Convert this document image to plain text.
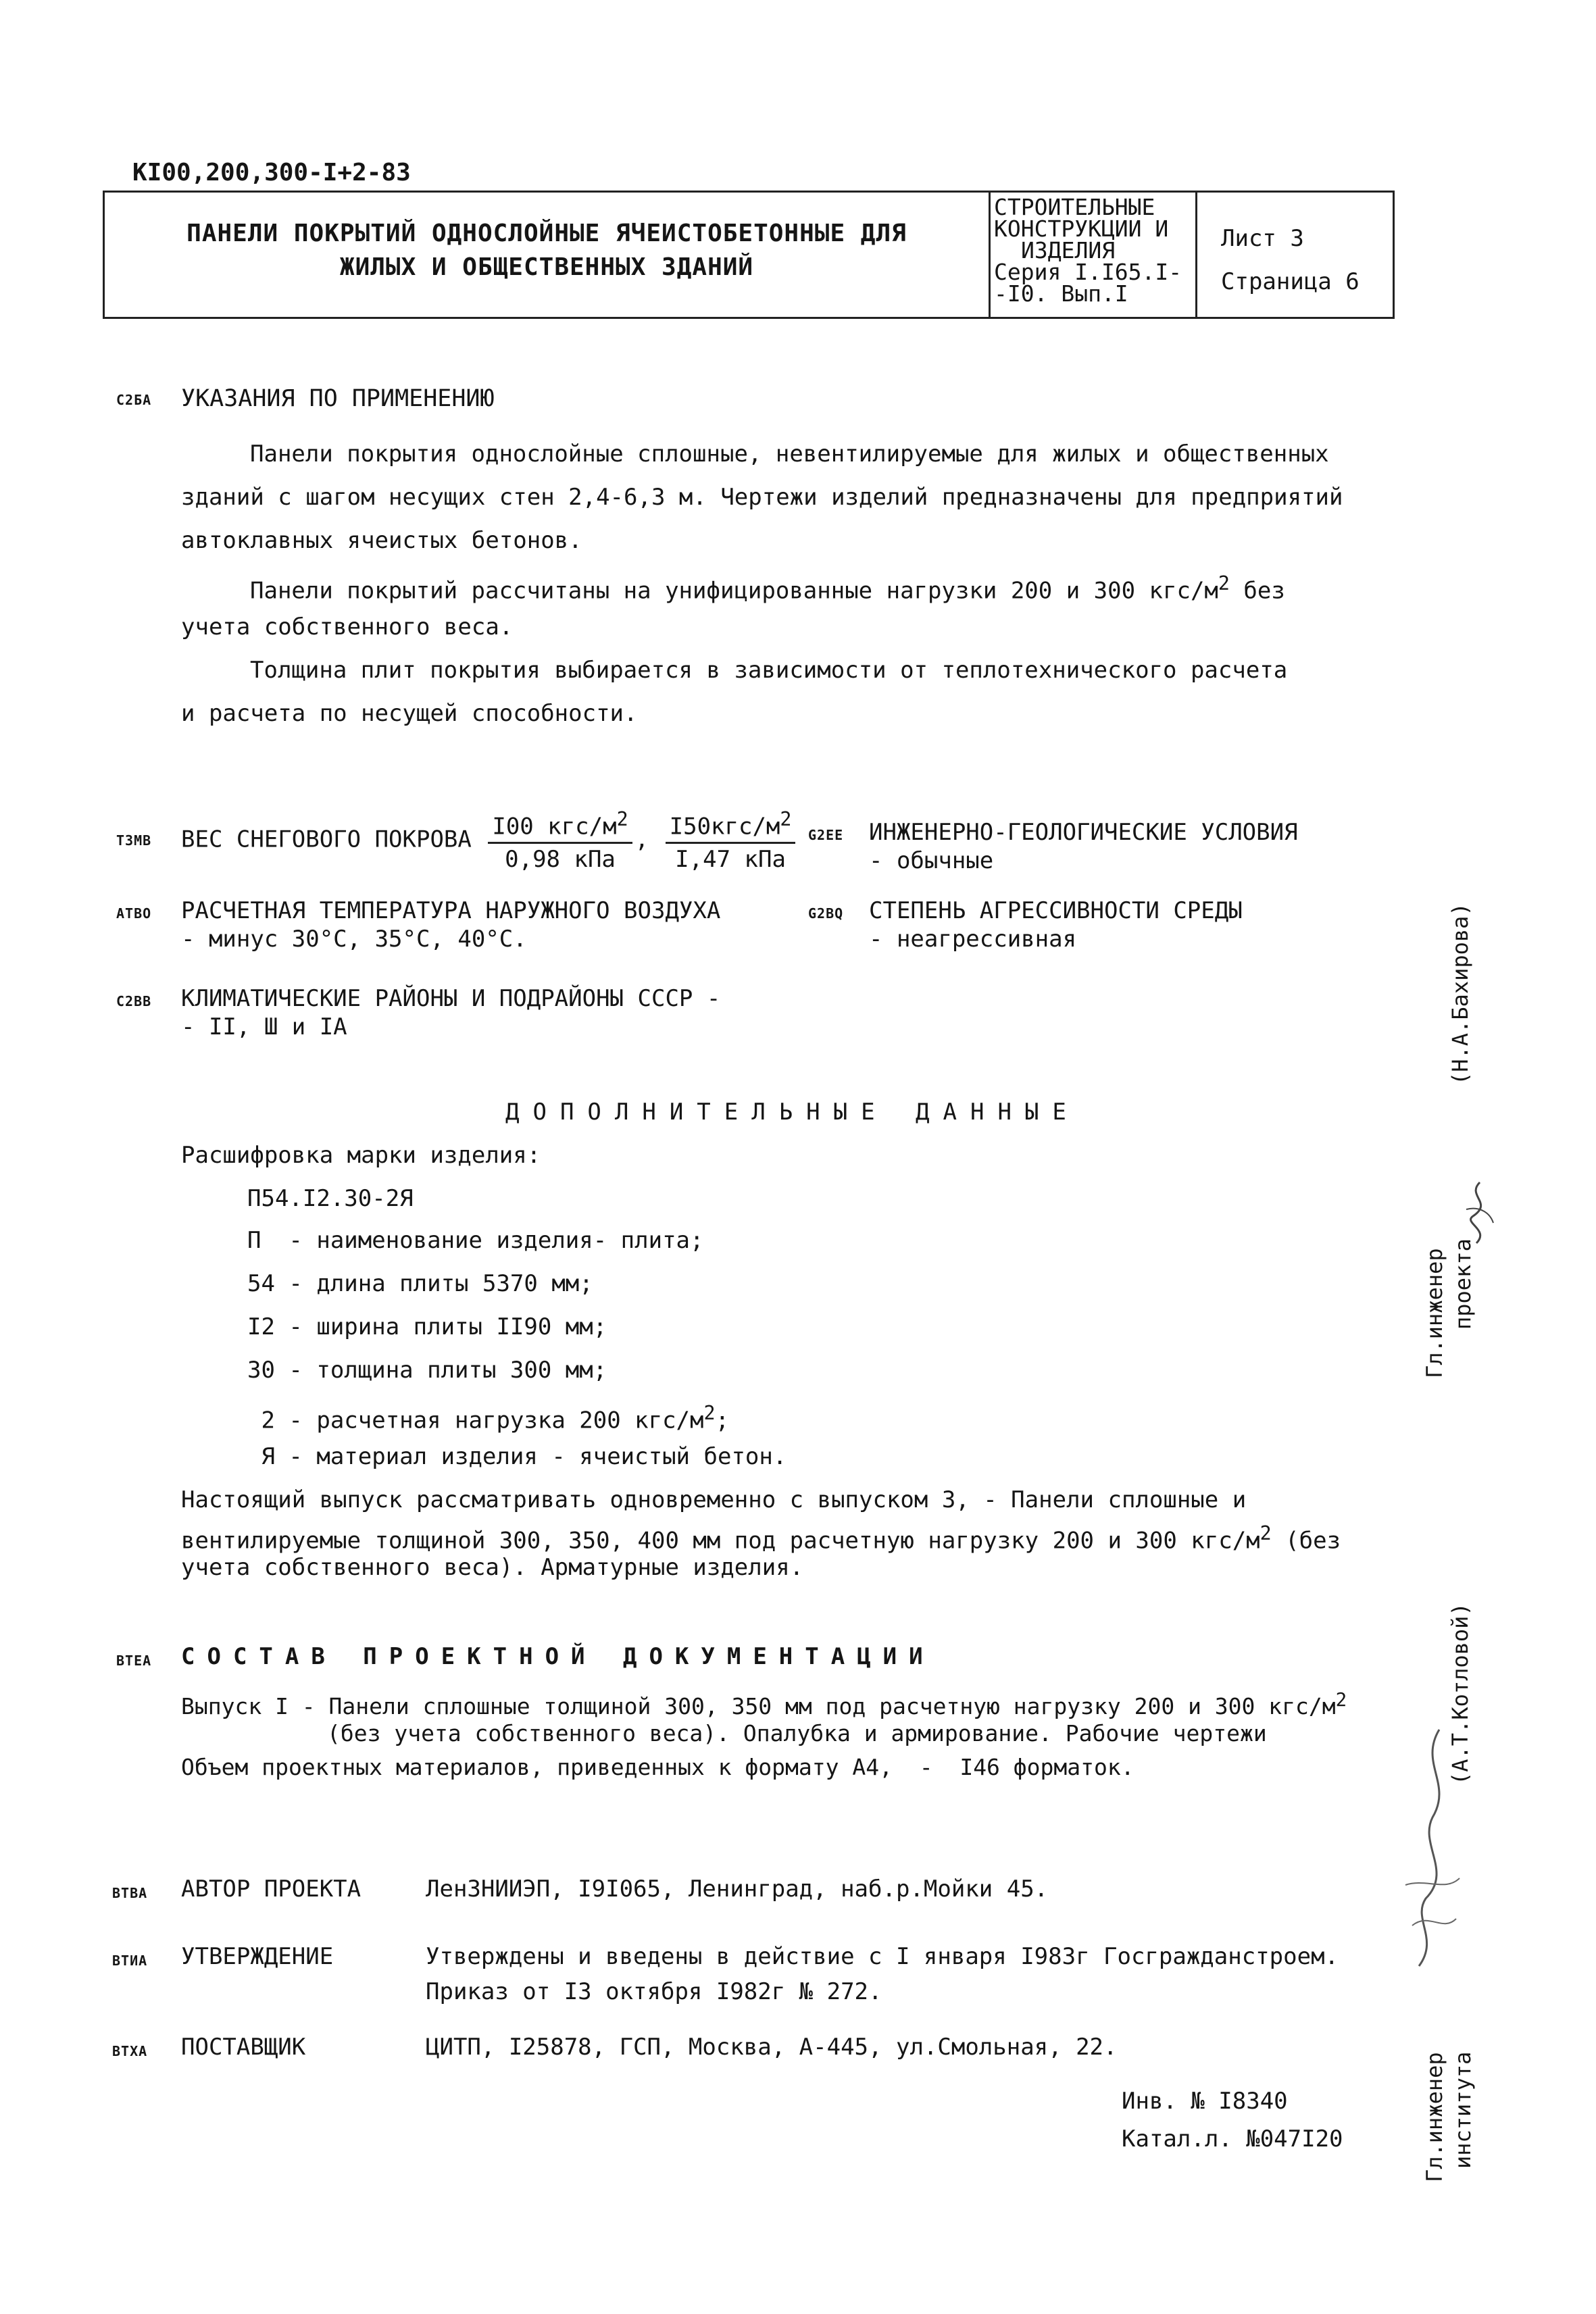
КI00,200,300-I+2-83
ПАНЕЛИ ПОКРЫТИЙ ОДНОСЛОЙНЫЕ ЯЧЕИСТОБЕТОННЫЕ ДЛЯ
ЖИЛЫХ И ОБЩЕСТВЕННЫХ ЗДАНИЙ
СТРОИТЕЛЬНЫЕ
КОНСТРУКЦИИ И
ИЗДЕЛИЯ
Серия I.I65.I-
-I0. Вып.I
Лист 3
Страница 6
С2БА УКАЗАНИЯ ПО ПРИМЕНЕНИЮ
Панели покрытия однослойные сплошные, невентилируемые для жилых и общественных
зданий с шагом несущих стен 2,4-6,3 м. Чертежи изделий предназначены для предприятий
автоклавных ячеистых бетонов.
Панели покрытий рассчитаны на унифицированные нагрузки 200 и 300 кгс/$м^2$ без
учета собственного веса.
Толщина плит покрытия выбирается в зависимости от теплотехнического расчета
и расчета по несущей способности.
Т3МВ ВЕС СНЕГОВОГО ПОКРОВА $\frac{I00 кгс/м^2}{\text{0,98 кПа}}$ , $\frac{I50кгс/м^2}{\text{I,47 кПа}} G2ЕЕ$ ИНЖЕНЕРНО-ГЕОЛОГИЧЕСКИЕ УСЛОВИЯ
- обычные
АТВО РАСЧЕТНАЯ ТЕМПЕРАТУРА НАРУЖНОГО ВОЗДУХА
- минус 30°С, 35°С, 40°С.
G2ВQ СТЕПЕНЬ АГРЕССИВНОСТИ СРЕДЫ
- неагрессивная
С2ВВ КЛИМАТИЧЕСКИЕ РАЙОНЫ И ПОДРАЙОНЫ СССР -
- II, Ш и IА
ДОПОЛНИТЕЛЬНЫЕ ДАННЫЕ
Расшифровка марки изделия:
П54.I2.30-2Я
П  - наименование изделия- плита;
54 - длина плиты 5370 мм;
I2 - ширина плиты II90 мм;
30 - толщина плиты 300 мм;
2 - расчетная нагрузка 200 кгс/$м^2$;
Я - материал изделия - ячеистый бетон.
Настоящий выпуск рассматривать одновременно с выпуском 3, - Панели сплошные и
вентилируемые толщиной 300, 350, 400 мм под расчетную нагрузку 200 и 300 кгс/$м^2$ (без
учета собственного веса). Арматурные изделия.
ВТЕА СОСТАВ ПРОЕКТНОЙ ДОКУМЕНТАЦИИ
Выпуск I - Панели сплошные толщиной 300, 350 мм под расчетную нагрузку 200 и 300 кгс/$м^2$
(без учета собственного веса). Опалубка и армирование. Рабочие чертежи
Объем проектных материалов, приведенных к формату А4,  -  I46 форматок.
ВТВА АВТОР ПРОЕКТА	ЛенЗНИИЭП, I9I065, Ленинград, наб.р.Мойки 45.
ВТИА УТВЕРЖДЕНИЕ	Утверждены и введены в действие с I января I983г Госгражданстроем.
Приказ от I3 октября I982г № 272.
ВТХА ПОСТАВЩИК	ЦИТП, I25878, ГСП, Москва, А-445, ул.Смольная, 22.
Инв. № I8340
Катал.л. №047I20
(Н.А.Бахирова)
Гл.инженер проекта
(А.Т.Котловой)
Гл.инженер института
